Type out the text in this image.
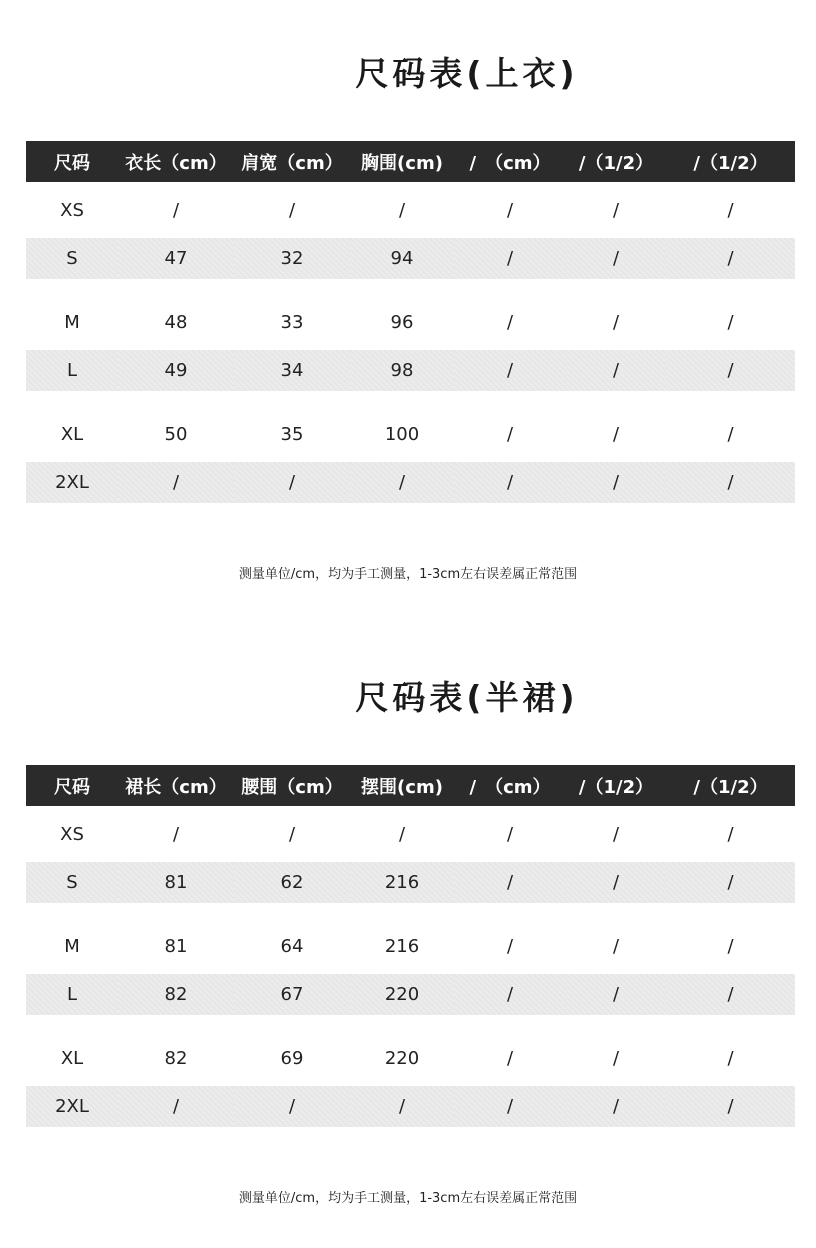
尺码表(上衣)
尺码	衣长（cm）	肩宽（cm）	胸围(cm)	/　（cm）	/（1/2）	/（1/2）
XS	/	/	/	/	/	/
S	47	32	94	/	/	/

M	48	33	96	/	/	/
L	49	34	98	/	/	/

XL	50	35	100	/	/	/
2XL	/	/	/	/	/	/
测量单位/cm，均为手工测量，1-3cm左右误差属正常范围
尺码表(半裙)
尺码	裙长（cm）	腰围（cm）	摆围(cm)	/　（cm）	/（1/2）	/（1/2）
XS	/	/	/	/	/	/
S	81	62	216	/	/	/

M	81	64	216	/	/	/
L	82	67	220	/	/	/

XL	82	69	220	/	/	/
2XL	/	/	/	/	/	/
测量单位/cm，均为手工测量，1-3cm左右误差属正常范围
